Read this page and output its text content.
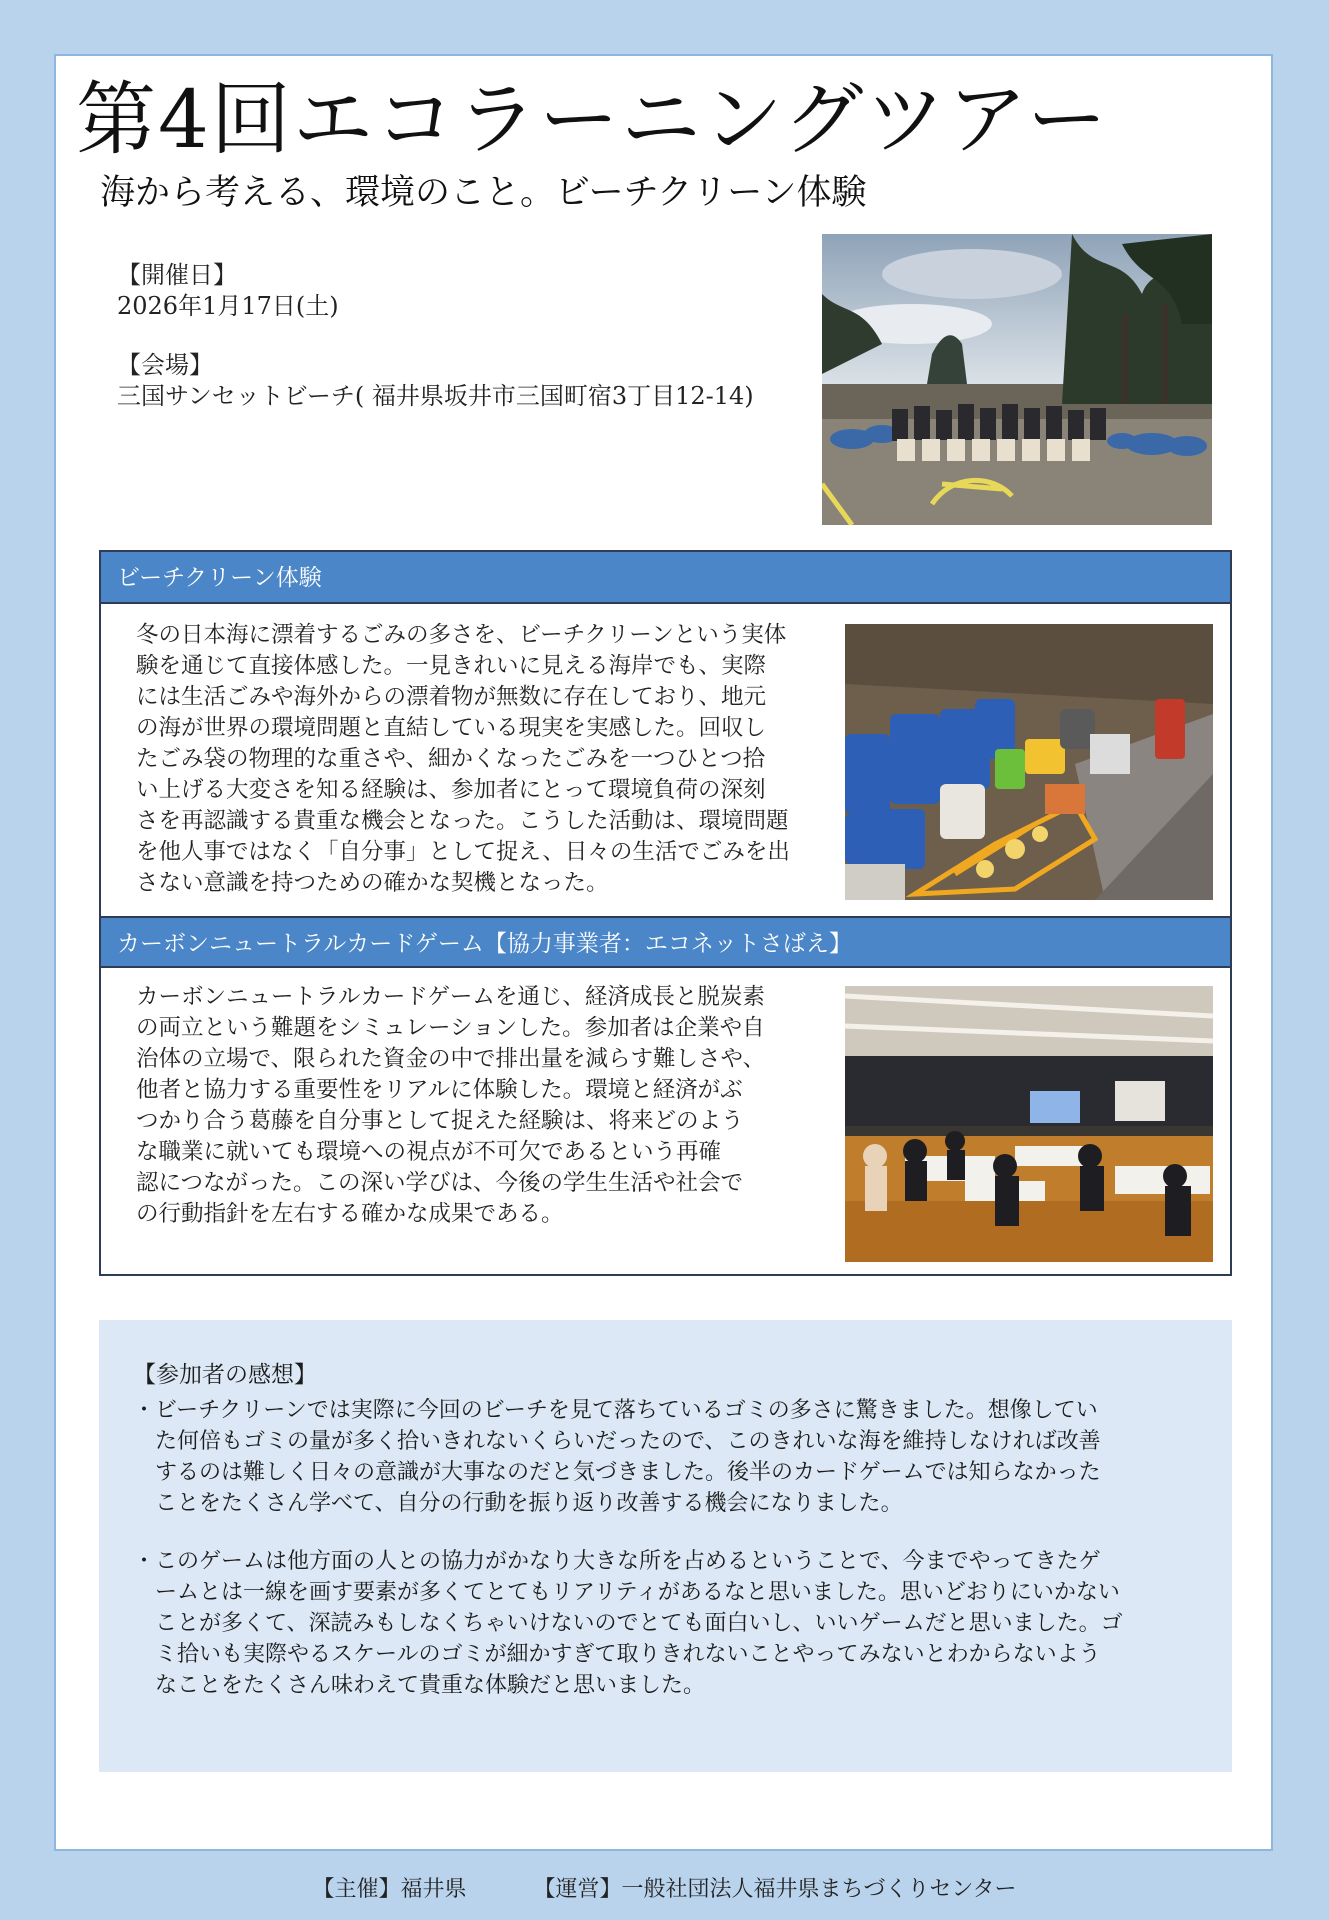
第4回エコラーニングツアー
海から考える、環境のこと。ビーチクリーン体験
【開催日】
2026年1月17日(土)
【会場】
三国サンセットビーチ( 福井県坂井市三国町宿3丁目12-14)
ビーチクリーン体験
冬の日本海に漂着するごみの多さを、ビーチクリーンという実体
験を通じて直接体感した。一見きれいに見える海岸でも、実際
には生活ごみや海外からの漂着物が無数に存在しており、地元
の海が世界の環境問題と直結している現実を実感した。回収し
たごみ袋の物理的な重さや、細かくなったごみを一つひとつ拾
い上げる大変さを知る経験は、参加者にとって環境負荷の深刻
さを再認識する貴重な機会となった。こうした活動は、環境問題
を他人事ではなく「自分事」として捉え、日々の生活でごみを出
さない意識を持つための確かな契機となった。
カーボンニュートラルカードゲーム【協力事業者：エコネットさばえ】
カーボンニュートラルカードゲームを通じ、経済成長と脱炭素
の両立という難題をシミュレーションした。参加者は企業や自
治体の立場で、限られた資金の中で排出量を減らす難しさや、
他者と協力する重要性をリアルに体験した。環境と経済がぶ
つかり合う葛藤を自分事として捉えた経験は、将来どのよう
な職業に就いても環境への視点が不可欠であるという再確
認につながった。この深い学びは、今後の学生生活や社会で
の行動指針を左右する確かな成果である。
【参加者の感想】
・ビーチクリーンでは実際に今回のビーチを見て落ちているゴミの多さに驚きました。想像してい
　た何倍もゴミの量が多く拾いきれないくらいだったので、このきれいな海を維持しなければ改善
　するのは難しく日々の意識が大事なのだと気づきました。後半のカードゲームでは知らなかった
　ことをたくさん学べて、自分の行動を振り返り改善する機会になりました。
・このゲームは他方面の人との協力がかなり大きな所を占めるということで、今までやってきたゲ
　ームとは一線を画す要素が多くてとてもリアリティがあるなと思いました。思いどおりにいかない
　ことが多くて、深読みもしなくちゃいけないのでとても面白いし、いいゲームだと思いました。ゴ
　ミ拾いも実際やるスケールのゴミが細かすぎて取りきれないことやってみないとわからないよう
　なことをたくさん味わえて貴重な体験だと思いました。
【主催】福井県	【運営】一般社団法人福井県まちづくりセンター
